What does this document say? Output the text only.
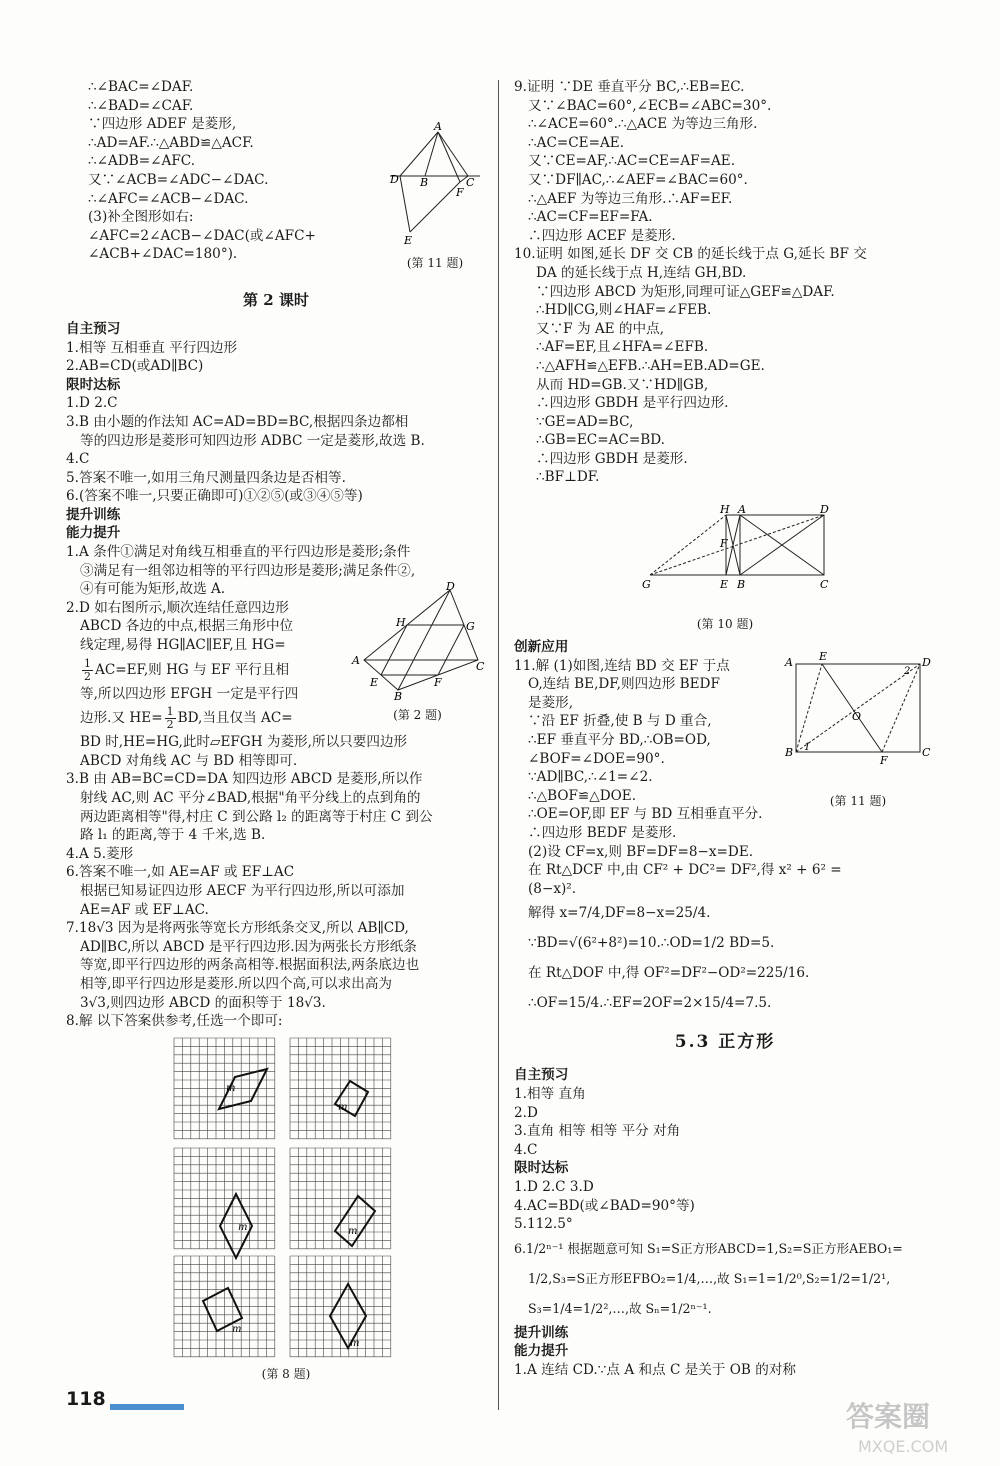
∴∠BAC=∠DAF.
∴∠BAD=∠CAF.
∵四边形 ADEF 是菱形,
∴AD=AF.∴△ABD≌△ACF.
∴∠ADB=∠AFC.
又∵∠ACB=∠ADC−∠DAC.
∴∠AFC=∠ACB−∠DAC.
(3)补全图形如右:
∠AFC=2∠ACB−∠DAC(或∠AFC+
∠ACB+∠DAC=180°).
第 2 课时
自主预习
1.相等 互相垂直 平行四边形
2.AB=CD(或AD∥BC)
限时达标
1.D 2.C
3.B 由小题的作法知 AC=AD=BD=BC,根据四条边都相
等的四边形是菱形可知四边形 ADBC 一定是菱形,故选 B.
4.C
5.答案不唯一,如用三角尺测量四条边是否相等.
6.(答案不唯一,只要正确即可)①②⑤(或③④⑤等)
提升训练
能力提升
1.A 条件①满足对角线互相垂直的平行四边形是菱形;条件
③满足有一组邻边相等的平行四边形是菱形;满足条件②,
④有可能为矩形,故选 A.
2.D 如右图所示,顺次连结任意四边形
ABCD 各边的中点,根据三角形中位
线定理,易得 HG∥AC∥EF,且 HG=
$\frac{1}{2} AC=EF$,则 HG 与 EF 平行且相
等,所以四边形 EFGH 一定是平行四
边形.又 $HE= \frac{1}{2}$ BD,当且仅当 AC=
BD 时,HE=HG,此时▱EFGH 为菱形,所以只要四边形
ABCD 对角线 AC 与 BD 相等即可.
3.B 由 AB=BC=CD=DA 知四边形 ABCD 是菱形,所以作
射线 AC,则 AC 平分∠BAD,根据"角平分线上的点到角的
两边距离相等"得,村庄 C 到公路 l₂ 的距离等于村庄 C 到公
路 l₁ 的距离,等于 4 千米,选 B.
4.A 5.菱形
6.答案不唯一,如 AE=AF 或 EF⊥AC
根据已知易证四边形 AECF 为平行四边形,所以可添加
AE=AF 或 EF⊥AC.
7.18√3 因为是将两张等宽长方形纸条交叉,所以 AB∥CD,
AD∥BC,所以 ABCD 是平行四边形.因为两张长方形纸条
等宽,即平行四边形的两条高相等.根据面积法,两条底边也
相等,即平行四边形是菱形.所以四个高,可以求出高为
3√3,则四边形 ABCD 的面积等于 18√3.
8.解 以下答案供参考,任选一个即可:
A
D B	C
F
E
(第 11 题)
D
H	G
A	C
E	F
B
(第 2 题)
m
m
m	m
m
m
(第 8 题)
9.证明 ∵DE 垂直平分 BC,∴EB=EC.
又∵∠BAC=60°,∠ECB=∠ABC=30°.
∴∠ACE=60°.∴△ACE 为等边三角形.
∴AC=CE=AE.
又∵CE=AF,∴AC=CE=AF=AE.
又∵DF∥AC,∴∠AEF=∠BAC=60°.
∴△AEF 为等边三角形.∴AF=EF.
∴AC=CF=EF=FA.
∴四边形 ACEF 是菱形.
10.证明 如图,延长 DF 交 CB 的延长线于点 G,延长 BF 交
DA 的延长线于点 H,连结 GH,BD.
∵四边形 ABCD 为矩形,同理可证△GEF≌△DAF.
∴HD∥CG,则∠HAF=∠FEB.
又∵F 为 AE 的中点,
∴AF=EF,且∠HFA=∠EFB.
∴△AFH≌△EFB.∴AH=EB.AD=GE.
从而 HD=GB.又∵HD∥GB,
∴四边形 GBDH 是平行四边形.
∵GE=AD=BC,
∴GB=EC=AC=BD.
∴四边形 GBDH 是菱形.
∴BF⊥DF.
(第 10 题)
创新应用
11.解 (1)如图,连结 BD 交 EF 于点
O,连结 BE,DF,则四边形 BEDF
是菱形,
∵沿 EF 折叠,使 B 与 D 重合,
∴EF 垂直平分 BD,∴OB=OD,
∠BOF=∠DOE=90°.
∵AD∥BC,∴∠1=∠2.
∴△BOF≌△DOE.
∴OE=OF,即 EF 与 BD 互相垂直平分.
∴四边形 BEDF 是菱形.
(2)设 CF=x,则 BF=DF=8−x=DE.
在 Rt△DCF 中,由 CF² + DC²= DF²,得 x² + 6² =
(8−x)².
解得 x=7/4,DF=8−x=25/4.
∵BD=√(6²+8²)=10.∴OD=1/2 BD=5.
在 Rt△DOF 中,得 OF²=DF²−OD²=225/16.
∴OF=15/4.∴EF=2OF=2×15/4=7.5.
5.3 正方形
自主预习
1.相等 直角
2.D
3.直角 相等 相等 平分 对角
4.C
限时达标
1.D 2.C 3.D
4.AC=BD(或∠BAD=90°等)
5.112.5°
6.1/2ⁿ⁻¹ 根据题意可知 S₁=S正方形ABCD=1,S₂=S正方形AEBO₁=
1/2,S₃=S正方形EFBO₂=1/4,…,故 S₁=1=1/2⁰,S₂=1/2=1/2¹,
S₃=1/4=1/2²,…,故 Sₙ=1/2ⁿ⁻¹.
提升训练
能力提升
1.A 连结 CD.∵点 A 和点 C 是关于 OB 的对称
H A	D
F
G	E B	C
A E	D
2
O
B 1
F
C
(第 11 题)
118
答案圈
MXQE.COM
